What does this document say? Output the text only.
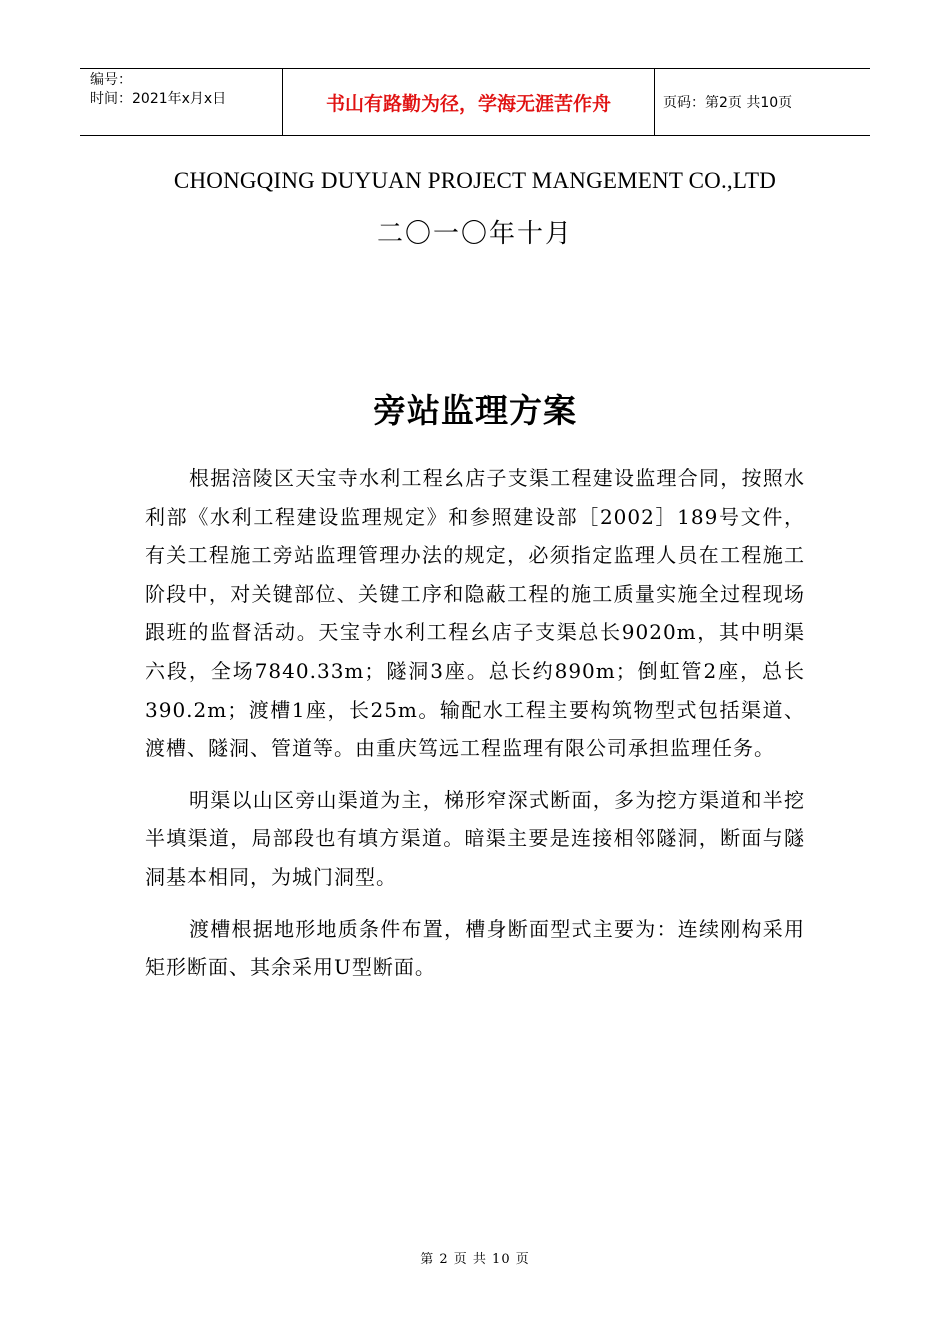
编号：
时间：2021年x月x日	书山有路勤为径，学海无涯苦作舟	页码：第2页 共10页
CHONGQING DUYUAN PROJECT MANGEMENT CO.,LTD
二〇一〇年十月
旁站监理方案

根据涪陵区天宝寺水利工程幺店子支渠工程建设监理合同，按照水利部《水利工程建设监理规定》和参照建设部［2002］189号文件，有关工程施工旁站监理管理办法的规定，必须指定监理人员在工程施工阶段中，对关键部位、关键工序和隐蔽工程的施工质量实施全过程现场跟班的监督活动。天宝寺水利工程幺店子支渠总长9020m，其中明渠六段，全场7840.33m；隧洞3座。总长约890m；倒虹管2座，总长390.2m；渡槽1座，长25m。输配水工程主要构筑物型式包括渠道、渡槽、隧洞、管道等。由重庆笃远工程监理有限公司承担监理任务。

明渠以山区旁山渠道为主，梯形窄深式断面，多为挖方渠道和半挖半填渠道，局部段也有填方渠道。暗渠主要是连接相邻隧洞，断面与隧洞基本相同，为城门洞型。

渡槽根据地形地质条件布置，槽身断面型式主要为：连续刚构采用矩形断面、其余采用U型断面。

第 2 页 共 10 页
